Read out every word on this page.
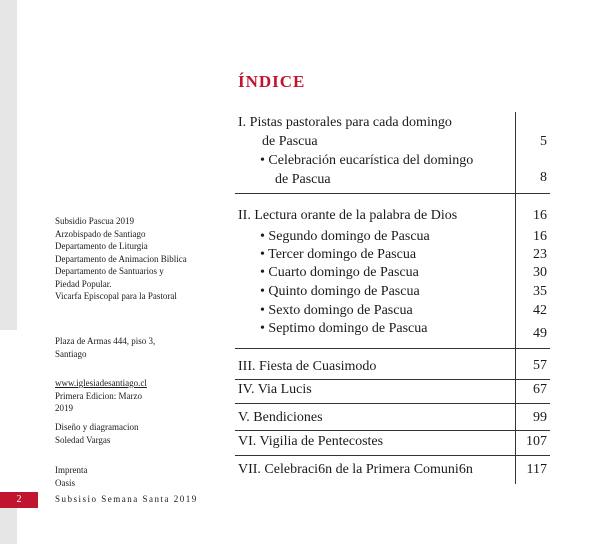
ÍNDICE
I. Pistas pastorales para cada domingo
de Pascua	5
• Celebración eucarística del domingo
de Pascua	8
II. Lectura orante de la palabra de Dios	16
• Segundo domingo de Pascua	16
• Tercer domingo de Pascua	23
• Cuarto domingo de Pascua	30
• Quinto domingo de Pascua	35
• Sexto domingo de Pascua	42
• Septimo domingo de Pascua	49
III. Fiesta de Cuasimodo	57
IV. Via Lucis	67
V. Bendiciones	99
VI. Vigilia de Pentecostes	107
VII. Celebraci6n de la Primera Comuni6n	117
Subsidio Pascua 2019
Arzobispado de Santiago
Departamento de Liturgia
Departamento de Animacion Biblica
Departamento de Santuarios y
Piedad Popular.
Vicarfa Episcopal para la Pastoral
Plaza de Armas 444, piso 3,
Santiago
www.iglesiadesantiago.cl
Primera Edicion: Marzo
2019
Diseño y diagramacion
Soledad Vargas
Imprenta
Oasis
2	Subsisio Semana Santa 2019
